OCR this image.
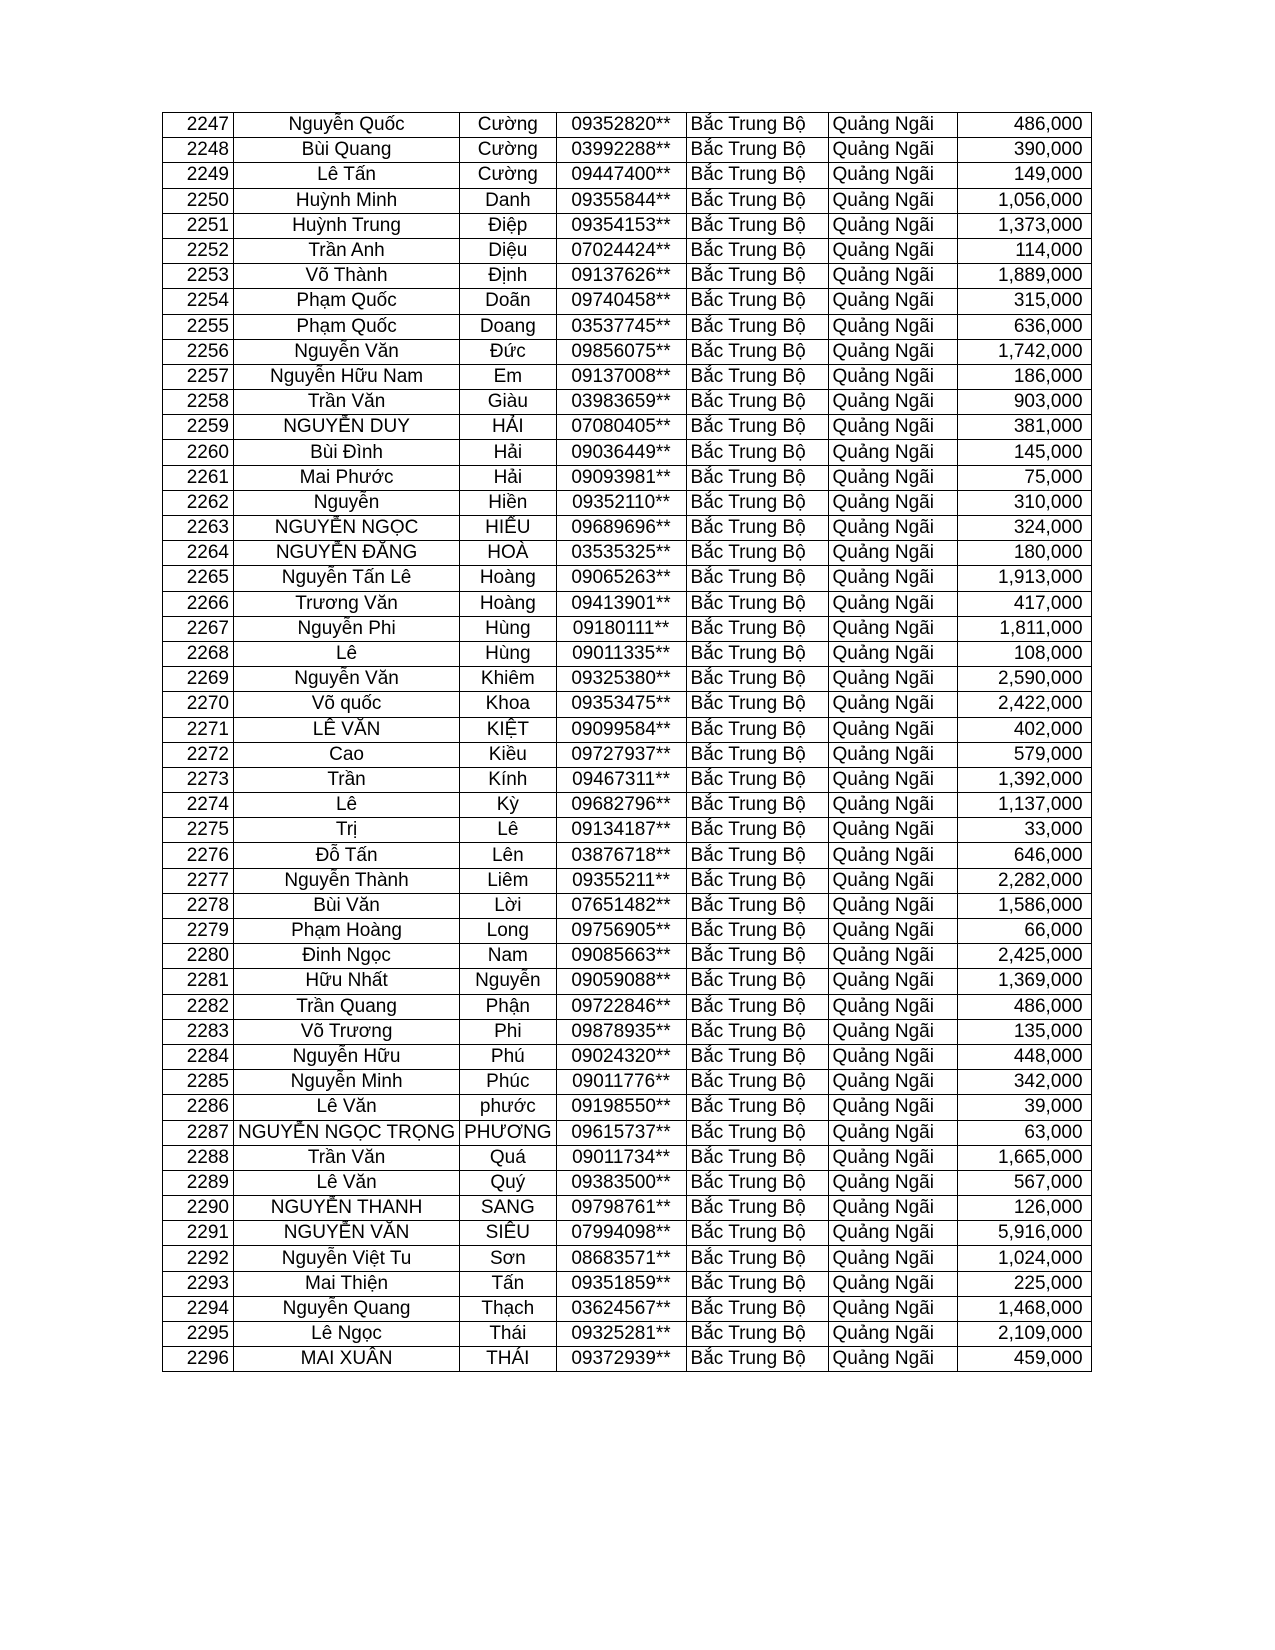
2247	Nguyễn Quốc	Cường	09352820**	Bắc Trung Bộ	Quảng Ngãi	486,000
2248	Bùi Quang	Cường	03992288**	Bắc Trung Bộ	Quảng Ngãi	390,000
2249	Lê Tấn	Cường	09447400**	Bắc Trung Bộ	Quảng Ngãi	149,000
2250	Huỳnh Minh	Danh	09355844**	Bắc Trung Bộ	Quảng Ngãi	1,056,000
2251	Huỳnh Trung	Điệp	09354153**	Bắc Trung Bộ	Quảng Ngãi	1,373,000
2252	Trần Anh	Diệu	07024424**	Bắc Trung Bộ	Quảng Ngãi	114,000
2253	Võ Thành	Định	09137626**	Bắc Trung Bộ	Quảng Ngãi	1,889,000
2254	Phạm Quốc	Doãn	09740458**	Bắc Trung Bộ	Quảng Ngãi	315,000
2255	Phạm Quốc	Doang	03537745**	Bắc Trung Bộ	Quảng Ngãi	636,000
2256	Nguyễn Văn	Đức	09856075**	Bắc Trung Bộ	Quảng Ngãi	1,742,000
2257	Nguyễn Hữu Nam	Em	09137008**	Bắc Trung Bộ	Quảng Ngãi	186,000
2258	Trần Văn	Giàu	03983659**	Bắc Trung Bộ	Quảng Ngãi	903,000
2259	NGUYỄN DUY	HẢI	07080405**	Bắc Trung Bộ	Quảng Ngãi	381,000
2260	Bùi Đình	Hải	09036449**	Bắc Trung Bộ	Quảng Ngãi	145,000
2261	Mai Phước	Hải	09093981**	Bắc Trung Bộ	Quảng Ngãi	75,000
2262	Nguyễn	Hiền	09352110**	Bắc Trung Bộ	Quảng Ngãi	310,000
2263	NGUYỄN NGỌC	HIẾU	09689696**	Bắc Trung Bộ	Quảng Ngãi	324,000
2264	NGUYỄN ĐĂNG	HOÀ	03535325**	Bắc Trung Bộ	Quảng Ngãi	180,000
2265	Nguyễn Tấn Lê	Hoàng	09065263**	Bắc Trung Bộ	Quảng Ngãi	1,913,000
2266	Trương Văn	Hoàng	09413901**	Bắc Trung Bộ	Quảng Ngãi	417,000
2267	Nguyễn Phi	Hùng	09180111**	Bắc Trung Bộ	Quảng Ngãi	1,811,000
2268	Lê	Hùng	09011335**	Bắc Trung Bộ	Quảng Ngãi	108,000
2269	Nguyễn Văn	Khiêm	09325380**	Bắc Trung Bộ	Quảng Ngãi	2,590,000
2270	Võ quốc	Khoa	09353475**	Bắc Trung Bộ	Quảng Ngãi	2,422,000
2271	LÊ VĂN	KIỆT	09099584**	Bắc Trung Bộ	Quảng Ngãi	402,000
2272	Cao	Kiều	09727937**	Bắc Trung Bộ	Quảng Ngãi	579,000
2273	Trần	Kính	09467311**	Bắc Trung Bộ	Quảng Ngãi	1,392,000
2274	Lê	Kỳ	09682796**	Bắc Trung Bộ	Quảng Ngãi	1,137,000
2275	Trị	Lê	09134187**	Bắc Trung Bộ	Quảng Ngãi	33,000
2276	Đỗ Tấn	Lên	03876718**	Bắc Trung Bộ	Quảng Ngãi	646,000
2277	Nguyễn Thành	Liêm	09355211**	Bắc Trung Bộ	Quảng Ngãi	2,282,000
2278	Bùi Văn	Lời	07651482**	Bắc Trung Bộ	Quảng Ngãi	1,586,000
2279	Phạm Hoàng	Long	09756905**	Bắc Trung Bộ	Quảng Ngãi	66,000
2280	Đinh Ngọc	Nam	09085663**	Bắc Trung Bộ	Quảng Ngãi	2,425,000
2281	Hữu Nhất	Nguyễn	09059088**	Bắc Trung Bộ	Quảng Ngãi	1,369,000
2282	Trần Quang	Phận	09722846**	Bắc Trung Bộ	Quảng Ngãi	486,000
2283	Võ Trương	Phi	09878935**	Bắc Trung Bộ	Quảng Ngãi	135,000
2284	Nguyễn Hữu	Phú	09024320**	Bắc Trung Bộ	Quảng Ngãi	448,000
2285	Nguyễn Minh	Phúc	09011776**	Bắc Trung Bộ	Quảng Ngãi	342,000
2286	Lê Văn	phước	09198550**	Bắc Trung Bộ	Quảng Ngãi	39,000
2287	NGUYỄN NGỌC TRỌNG	PHƯƠNG	09615737**	Bắc Trung Bộ	Quảng Ngãi	63,000
2288	Trần Văn	Quá	09011734**	Bắc Trung Bộ	Quảng Ngãi	1,665,000
2289	Lê Văn	Quý	09383500**	Bắc Trung Bộ	Quảng Ngãi	567,000
2290	NGUYỄN THANH	SANG	09798761**	Bắc Trung Bộ	Quảng Ngãi	126,000
2291	NGUYỄN VĂN	SIÊU	07994098**	Bắc Trung Bộ	Quảng Ngãi	5,916,000
2292	Nguyễn Việt Tu	Sơn	08683571**	Bắc Trung Bộ	Quảng Ngãi	1,024,000
2293	Mai Thiện	Tấn	09351859**	Bắc Trung Bộ	Quảng Ngãi	225,000
2294	Nguyễn Quang	Thạch	03624567**	Bắc Trung Bộ	Quảng Ngãi	1,468,000
2295	Lê Ngọc	Thái	09325281**	Bắc Trung Bộ	Quảng Ngãi	2,109,000
2296	MAI XUÂN	THÁI	09372939**	Bắc Trung Bộ	Quảng Ngãi	459,000
